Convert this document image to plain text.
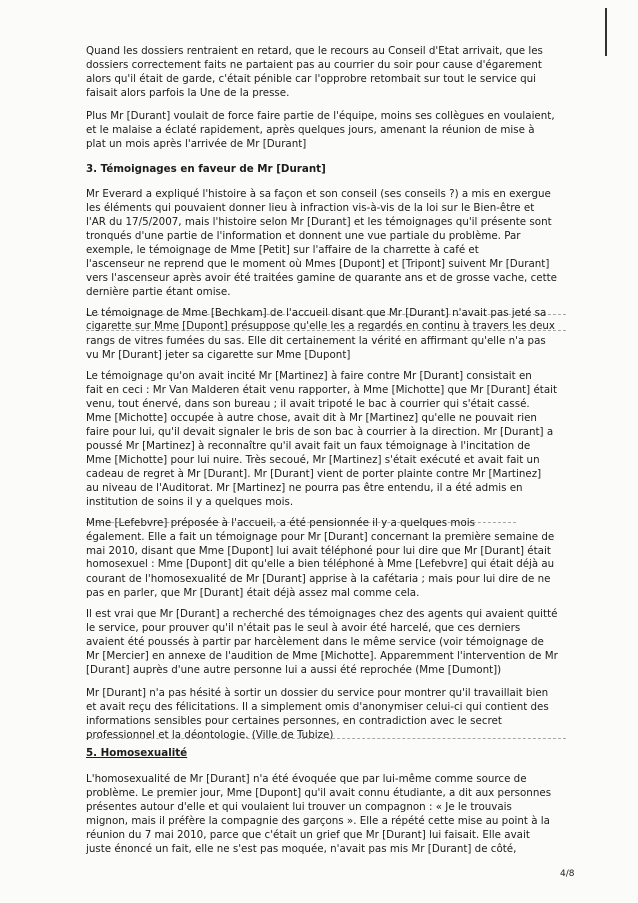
Quand les dossiers rentraient en retard, que le recours au Conseil d'Etat arrivait, que les
dossiers correctement faits ne partaient pas au courrier du soir pour cause d'égarement
alors qu'il était de garde, c'était pénible car l'opprobre retombait sur tout le service qui
faisait alors parfois la Une de la presse.
Plus Mr [Durant] voulait de force faire partie de l'équipe, moins ses collègues en voulaient,
et le malaise a éclaté rapidement, après quelques jours, amenant la réunion de mise à
plat un mois après l'arrivée de Mr [Durant]
3. Témoignages en faveur de Mr [Durant]
Mr Everard a expliqué l'histoire à sa façon et son conseil (ses conseils ?) a mis en exergue
les éléments qui pouvaient donner lieu à infraction vis-à-vis de la loi sur le Bien-être et
l'AR du 17/5/2007, mais l'histoire selon Mr [Durant] et les témoignages qu'il présente sont
tronqués d'une partie de l'information et donnent une vue partiale du problème. Par
exemple, le témoignage de Mme [Petit] sur l'affaire de la charrette à café et
l'ascenseur ne reprend que le moment où Mmes [Dupont] et [Tripont] suivent Mr [Durant]
vers l'ascenseur après avoir été traitées gamine de quarante ans et de grosse vache, cette
dernière partie étant omise.
Le témoignage de Mme [Bechkam] de l'accueil disant que Mr [Durant] n'avait pas jeté sa
cigarette sur Mme [Dupont] présuppose qu'elle les a regardés en continu à travers les deux
rangs de vitres fumées du sas. Elle dit certainement la vérité en affirmant qu'elle n'a pas
vu Mr [Durant] jeter sa cigarette sur Mme [Dupont]
Le témoignage qu'on avait incité Mr [Martinez] à faire contre Mr [Durant] consistait en
fait en ceci : Mr Van Malderen était venu rapporter, à Mme [Michotte] que Mr [Durant] était
venu, tout énervé, dans son bureau ; il avait tripoté le bac à courrier qui s'était cassé.
Mme [Michotte] occupée à autre chose, avait dit à Mr [Martinez] qu'elle ne pouvait rien
faire pour lui, qu'il devait signaler le bris de son bac à courrier à la direction. Mr [Durant] a
poussé Mr [Martinez] à reconnaître qu'il avait fait un faux témoignage à l'incitation de
Mme [Michotte] pour lui nuire. Très secoué, Mr [Martinez] s'était exécuté et avait fait un
cadeau de regret à Mr [Durant]. Mr [Durant] vient de porter plainte contre Mr [Martinez]
au niveau de l'Auditorat. Mr [Martinez] ne pourra pas être entendu, il a été admis en
institution de soins il y a quelques mois.
Mme [Lefebvre] préposée à l'accueil, a été pensionnée il y a quelques mois
également. Elle a fait un témoignage pour Mr [Durant] concernant la première semaine de
mai 2010, disant que Mme [Dupont] lui avait téléphoné pour lui dire que Mr [Durant] était
homosexuel : Mme [Dupont] dit qu'elle a bien téléphoné à Mme [Lefebvre] qui était déjà au
courant de l'homosexualité de Mr [Durant] apprise à la cafétaria ; mais pour lui dire de ne
pas en parler, que Mr [Durant] était déjà assez mal comme cela.
Il est vrai que Mr [Durant] a recherché des témoignages chez des agents qui avaient quitté
le service, pour prouver qu'il n'était pas le seul à avoir été harcelé, que ces derniers
avaient été poussés à partir par harcèlement dans le même service (voir témoignage de
Mr [Mercier] en annexe de l'audition de Mme [Michotte]. Apparemment l'intervention de Mr
[Durant] auprès d'une autre personne lui a aussi été reprochée (Mme [Dumont])
Mr [Durant] n'a pas hésité à sortir un dossier du service pour montrer qu'il travaillait bien
et avait reçu des félicitations. Il a simplement omis d'anonymiser celui-ci qui contient des
informations sensibles pour certaines personnes, en contradiction avec le secret
professionnel et la déontologie. (Ville de Tubize)
5. Homosexualité
L'homosexualité de Mr [Durant] n'a été évoquée que par lui-même comme source de
problème. Le premier jour, Mme [Dupont] qu'il avait connu étudiante, a dit aux personnes
présentes autour d'elle et qui voulaient lui trouver un compagnon : « Je le trouvais
mignon, mais il préfère la compagnie des garçons ». Elle a répété cette mise au point à la
réunion du 7 mai 2010, parce que c'était un grief que Mr [Durant] lui faisait. Elle avait
juste énoncé un fait, elle ne s'est pas moquée, n'avait pas mis Mr [Durant] de côté,
4/8
